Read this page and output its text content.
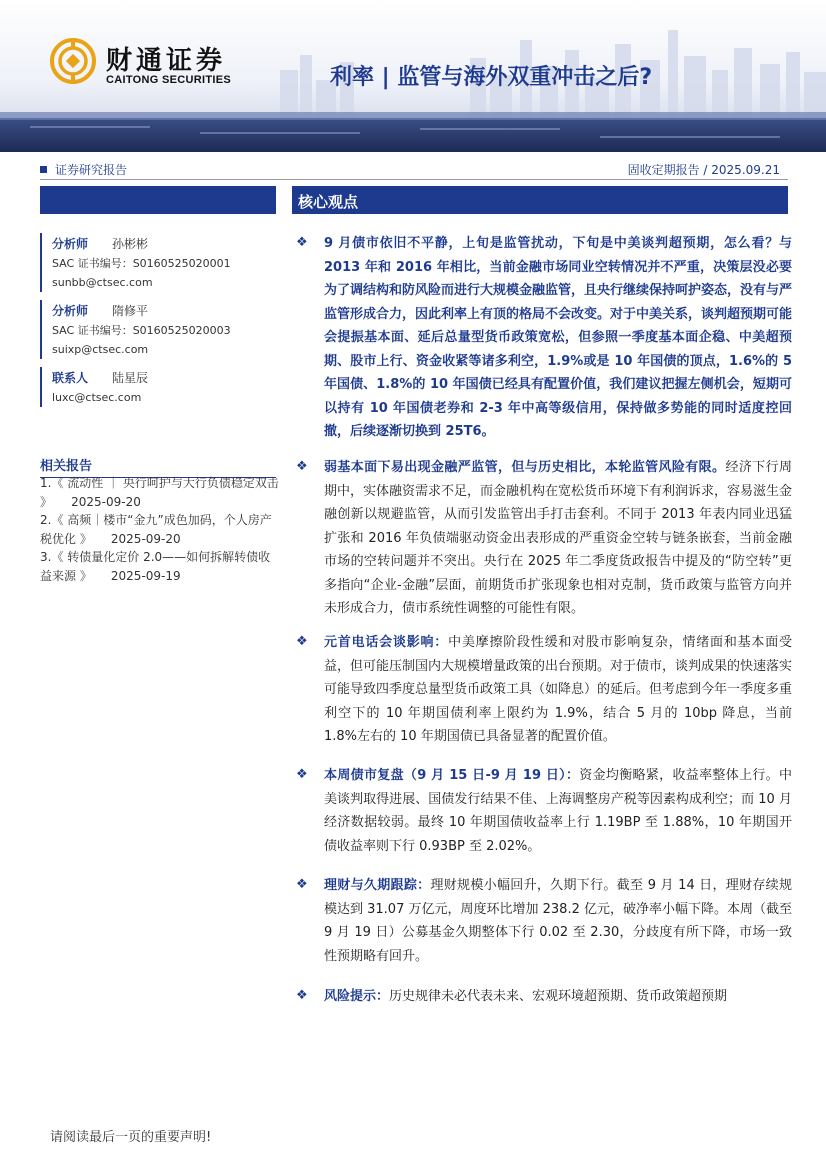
财通证券
CAITONG SECURITIES	利率 | 监管与海外双重冲击之后?
证券研究报告	固收定期报告 / 2025.09.21
分析师 孙彬彬
SAC 证书编号：S0160525020001
sunbb@ctsec.com
分析师 隋修平
SAC 证书编号：S0160525020003
suixp@ctsec.com
联系人 陆星辰
luxc@ctsec.com
相关报告
1.《 流动性 ｜ 央行呵护与大行负债稳定双击 》 2025-09-20
2.《 高频｜楼市“金九”成色加码，个人房产税优化 》 2025-09-20
3.《 转债量化定价 2.0——如何拆解转债收益来源 》 2025-09-19
核心观点
❖ 9 月债市依旧不平静，上旬是监管扰动，下旬是中美谈判超预期，怎么看？与 2013 年和 2016 年相比，当前金融市场同业空转情况并不严重，决策层没必要为了调结构和防风险而进行大规模金融监管，且央行继续保持呵护姿态，没有与严监管形成合力，因此利率上有顶的格局不会改变。对于中美关系，谈判超预期可能会提振基本面、延后总量型货币政策宽松，但参照一季度基本面企稳、中美超预期、股市上行、资金收紧等诸多利空，1.9%或是 10 年国债的顶点，1.6%的 5 年国债、1.8%的 10 年国债已经具有配置价值，我们建议把握左侧机会，短期可以持有 10 年国债老券和 2-3 年中高等级信用，保持做多势能的同时适度控回撤，后续逐渐切换到 25T6。
❖ 弱基本面下易出现金融严监管，但与历史相比，本轮监管风险有限。经济下行周期中，实体融资需求不足，而金融机构在宽松货币环境下有利润诉求，容易滋生金融创新以规避监管，从而引发监管出手打击套利。不同于 2013 年表内同业迅猛扩张和 2016 年负债端驱动资金出表形成的严重资金空转与链条嵌套，当前金融市场的空转问题并不突出。央行在 2025 年二季度货政报告中提及的“防空转”更多指向“企业-金融”层面，前期货币扩张现象也相对克制，货币政策与监管方向并未形成合力，债市系统性调整的可能性有限。
❖ 元首电话会谈影响：中美摩擦阶段性缓和对股市影响复杂，情绪面和基本面受益，但可能压制国内大规模增量政策的出台预期。对于债市，谈判成果的快速落实可能导致四季度总量型货币政策工具（如降息）的延后。但考虑到今年一季度多重利空下的 10 年期国债利率上限约为 1.9%，结合 5 月的 10bp 降息，当前 1.8%左右的 10 年期国债已具备显著的配置价值。
❖ 本周债市复盘（9 月 15 日-9 月 19 日）：资金均衡略紧，收益率整体上行。中美谈判取得进展、国债发行结果不佳、上海调整房产税等因素构成利空；而 10 月经济数据较弱。最终 10 年期国债收益率上行 1.19BP 至 1.88%，10 年期国开债收益率则下行 0.93BP 至 2.02%。
❖ 理财与久期跟踪：理财规模小幅回升，久期下行。截至 9 月 14 日，理财存续规模达到 31.07 万亿元，周度环比增加 238.2 亿元，破净率小幅下降。本周（截至 9 月 19 日）公募基金久期整体下行 0.02 至 2.30，分歧度有所下降，市场一致性预期略有回升。
❖ 风险提示：历史规律未必代表未来、宏观环境超预期、货币政策超预期
请阅读最后一页的重要声明!
